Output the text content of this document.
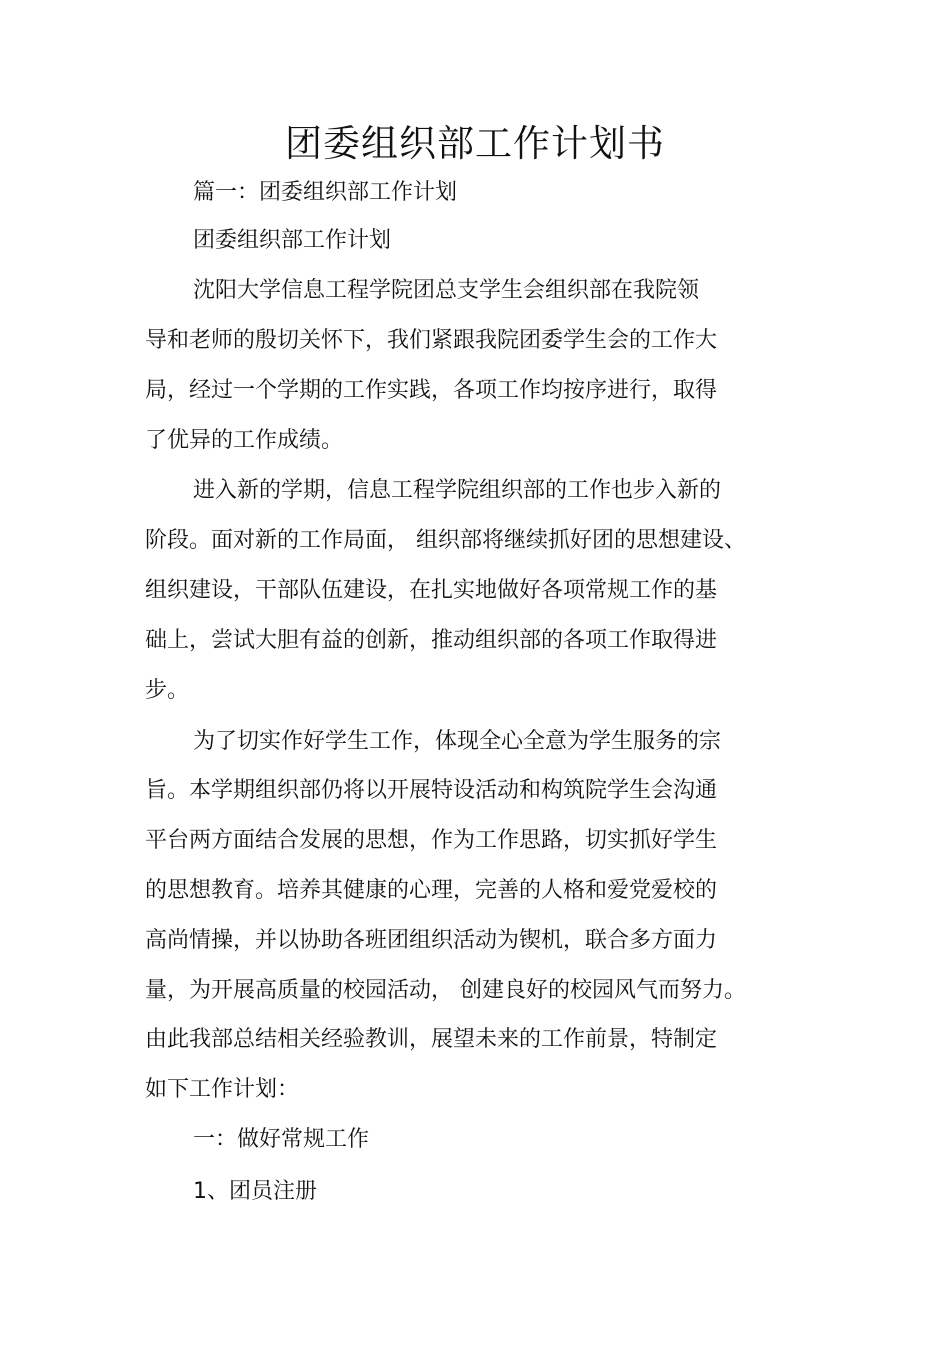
团委组织部工作计划书

篇一：团委组织部工作计划

团委组织部工作计划

沈阳大学信息工程学院团总支学生会组织部在我院领

导和老师的殷切关怀下，我们紧跟我院团委学生会的工作大

局，经过一个学期的工作实践，各项工作均按序进行，取得

了优异的工作成绩。

进入新的学期，信息工程学院组织部的工作也步入新的

阶段。面对新的工作局面， 组织部将继续抓好团的思想建设、

组织建设，干部队伍建设，在扎实地做好各项常规工作的基

础上，尝试大胆有益的创新，推动组织部的各项工作取得进

步。

为了切实作好学生工作，体现全心全意为学生服务的宗

旨。本学期组织部仍将以开展特设活动和构筑院学生会沟通

平台两方面结合发展的思想，作为工作思路，切实抓好学生

的思想教育。培养其健康的心理，完善的人格和爱党爱校的

高尚情操，并以协助各班团组织活动为锲机，联合多方面力

量，为开展高质量的校园活动， 创建良好的校园风气而努力。

由此我部总结相关经验教训，展望未来的工作前景，特制定

如下工作计划：

一：做好常规工作

1、团员注册
